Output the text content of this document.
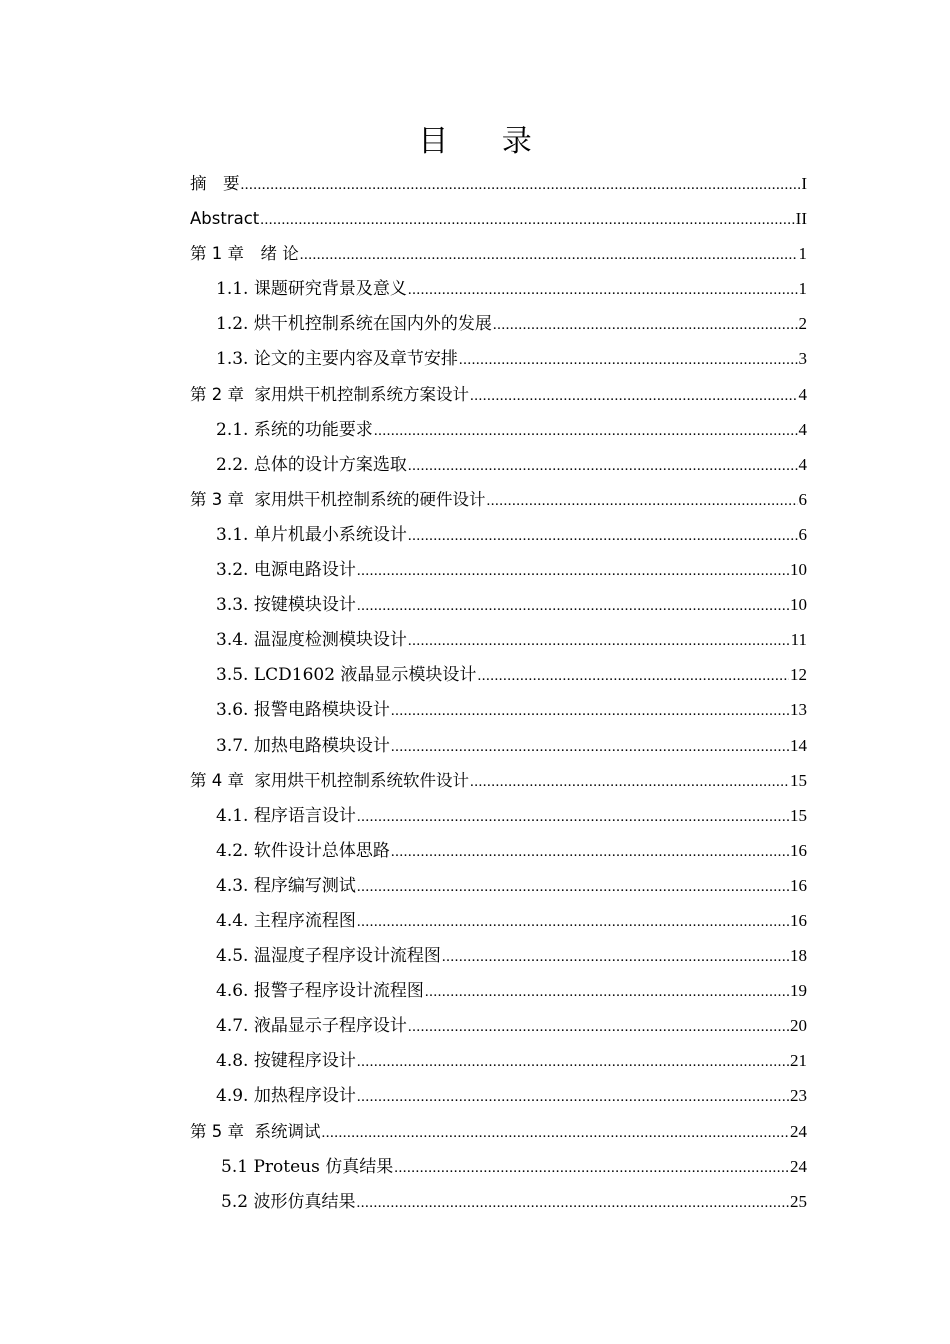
目 录
摘　要 .....	I
Abstract .....	II
第 1 章　绪 论 .....	1
1.1. 课题研究背景及意义 .....	1
1.2. 烘干机控制系统在国内外的发展 .....	2
1.3. 论文的主要内容及章节安排 .....	3
第 2 章  家用烘干机控制系统方案设计 .....	4
2.1. 系统的功能要求 .....	4
2.2. 总体的设计方案选取 .....	4
第 3 章  家用烘干机控制系统的硬件设计 .....	6
3.1. 单片机最小系统设计 .....	6
3.2. 电源电路设计 .....	10
3.3. 按键模块设计 .....	10
3.4. 温湿度检测模块设计 .....	11
3.5. LCD1602 液晶显示模块设计 .....	12
3.6. 报警电路模块设计 .....	13
3.7. 加热电路模块设计 .....	14
第 4 章  家用烘干机控制系统软件设计 .....	15
4.1. 程序语言设计 .....	15
4.2. 软件设计总体思路 .....	16
4.3. 程序编写测试 .....	16
4.4. 主程序流程图 .....	16
4.5. 温湿度子程序设计流程图 .....	18
4.6. 报警子程序设计流程图 .....	19
4.7. 液晶显示子程序设计 .....	20
4.8. 按键程序设计 .....	21
4.9. 加热程序设计 .....	23
第 5 章  系统调试 .....	24
5.1 Proteus 仿真结果 .....	24
5.2 波形仿真结果 .....	25
